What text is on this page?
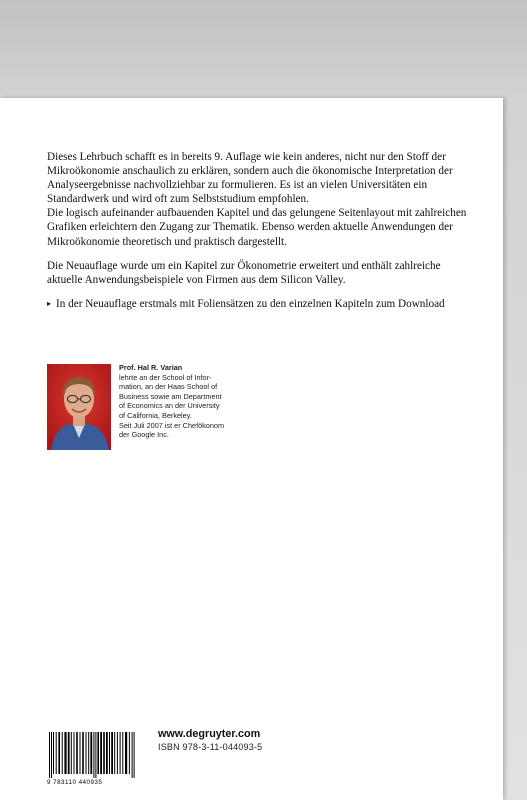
Dieses Lehrbuch schafft es in bereits 9. Auflage wie kein anderes, nicht nur den Stoff der Mikroökonomie anschaulich zu erklären, sondern auch die ökonomische Interpretation der Analyseergebnisse nachvollziehbar zu formulieren. Es ist an vielen Universitäten ein Standardwerk und wird oft zum Selbststudium empfohlen.

Die logisch aufeinander aufbauenden Kapitel und das gelungene Seitenlayout mit zahlreichen Grafiken erleichtern den Zugang zur Thematik. Ebenso werden aktuelle Anwendungen der Mikroökonomie theoretisch und praktisch dargestellt.

Die Neuauflage wurde um ein Kapitel zur Ökonometrie erweitert und enthält zahlreiche aktuelle Anwendungsbeispiele von Firmen aus dem Silicon Valley.

▸ In der Neuauflage erstmals mit Foliensätzen zu den einzelnen Kapiteln zum Download
Prof. Hal R. Varian
lehrte an der School of Infor-
mation, an der Haas School of
Business sowie am Department
of Economics an der University
of California, Berkeley.
Seit Juli 2007 ist er Chefökonom
der Google Inc.
9 783110 440935
www.degruyter.com
ISBN 978-3-11-044093-5
